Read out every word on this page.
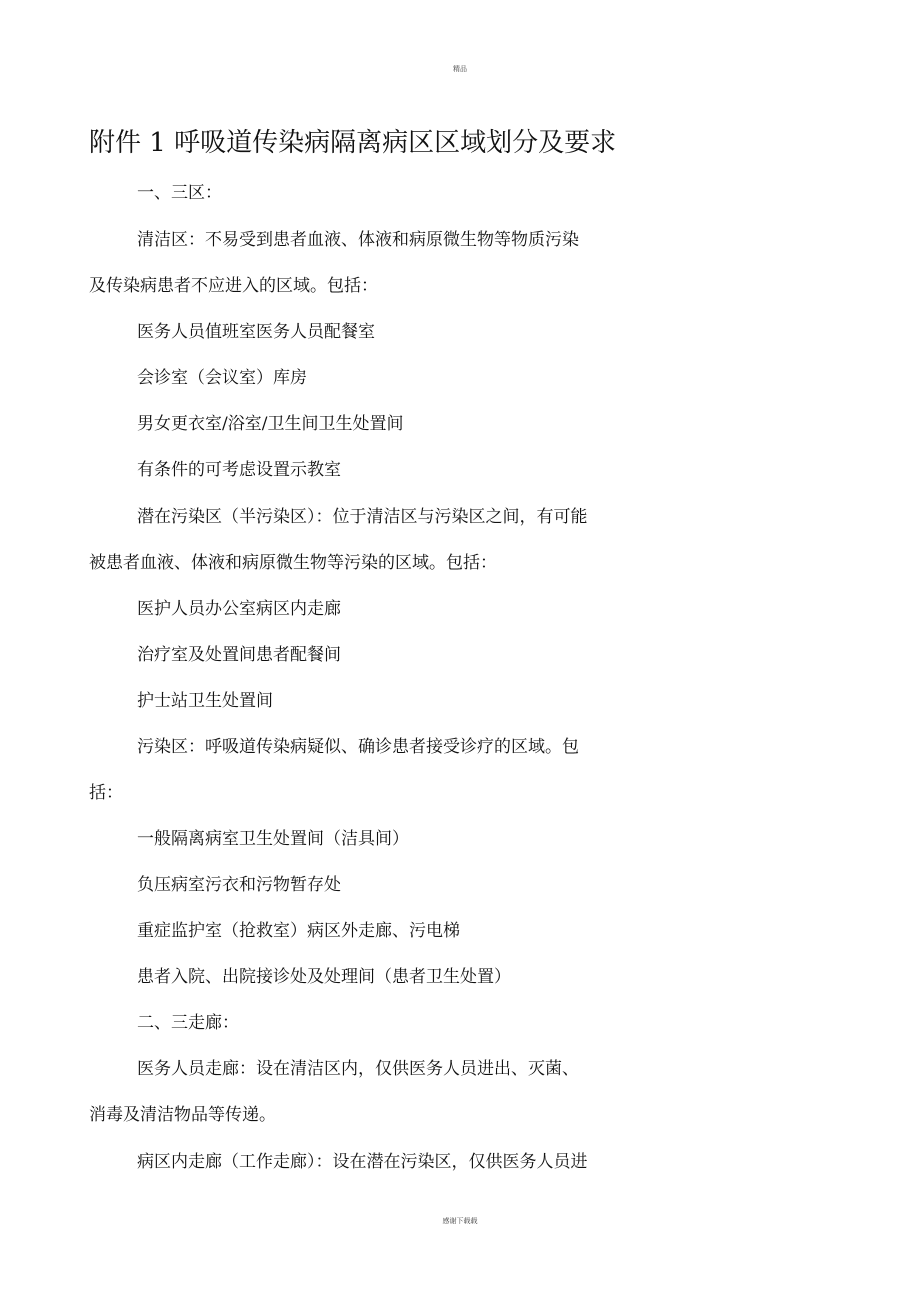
精品
附件 1 呼吸道传染病隔离病区区域划分及要求
一、三区：
清洁区：不易受到患者血液、体液和病原微生物等物质污染
及传染病患者不应进入的区域。包括：
医务人员值班室医务人员配餐室
会诊室（会议室）库房
男女更衣室/浴室/卫生间卫生处置间
有条件的可考虑设置示教室
潜在污染区（半污染区）：位于清洁区与污染区之间，有可能
被患者血液、体液和病原微生物等污染的区域。包括：
医护人员办公室病区内走廊
治疗室及处置间患者配餐间
护士站卫生处置间
污染区：呼吸道传染病疑似、确诊患者接受诊疗的区域。包
括：
一般隔离病室卫生处置间（洁具间）
负压病室污衣和污物暂存处
重症监护室（抢救室）病区外走廊、污电梯
患者入院、出院接诊处及处理间（患者卫生处置）
二、三走廊：
医务人员走廊：设在清洁区内，仅供医务人员进出、灭菌、
消毒及清洁物品等传递。
病区内走廊（工作走廊）：设在潜在污染区，仅供医务人员进
感谢下载载
